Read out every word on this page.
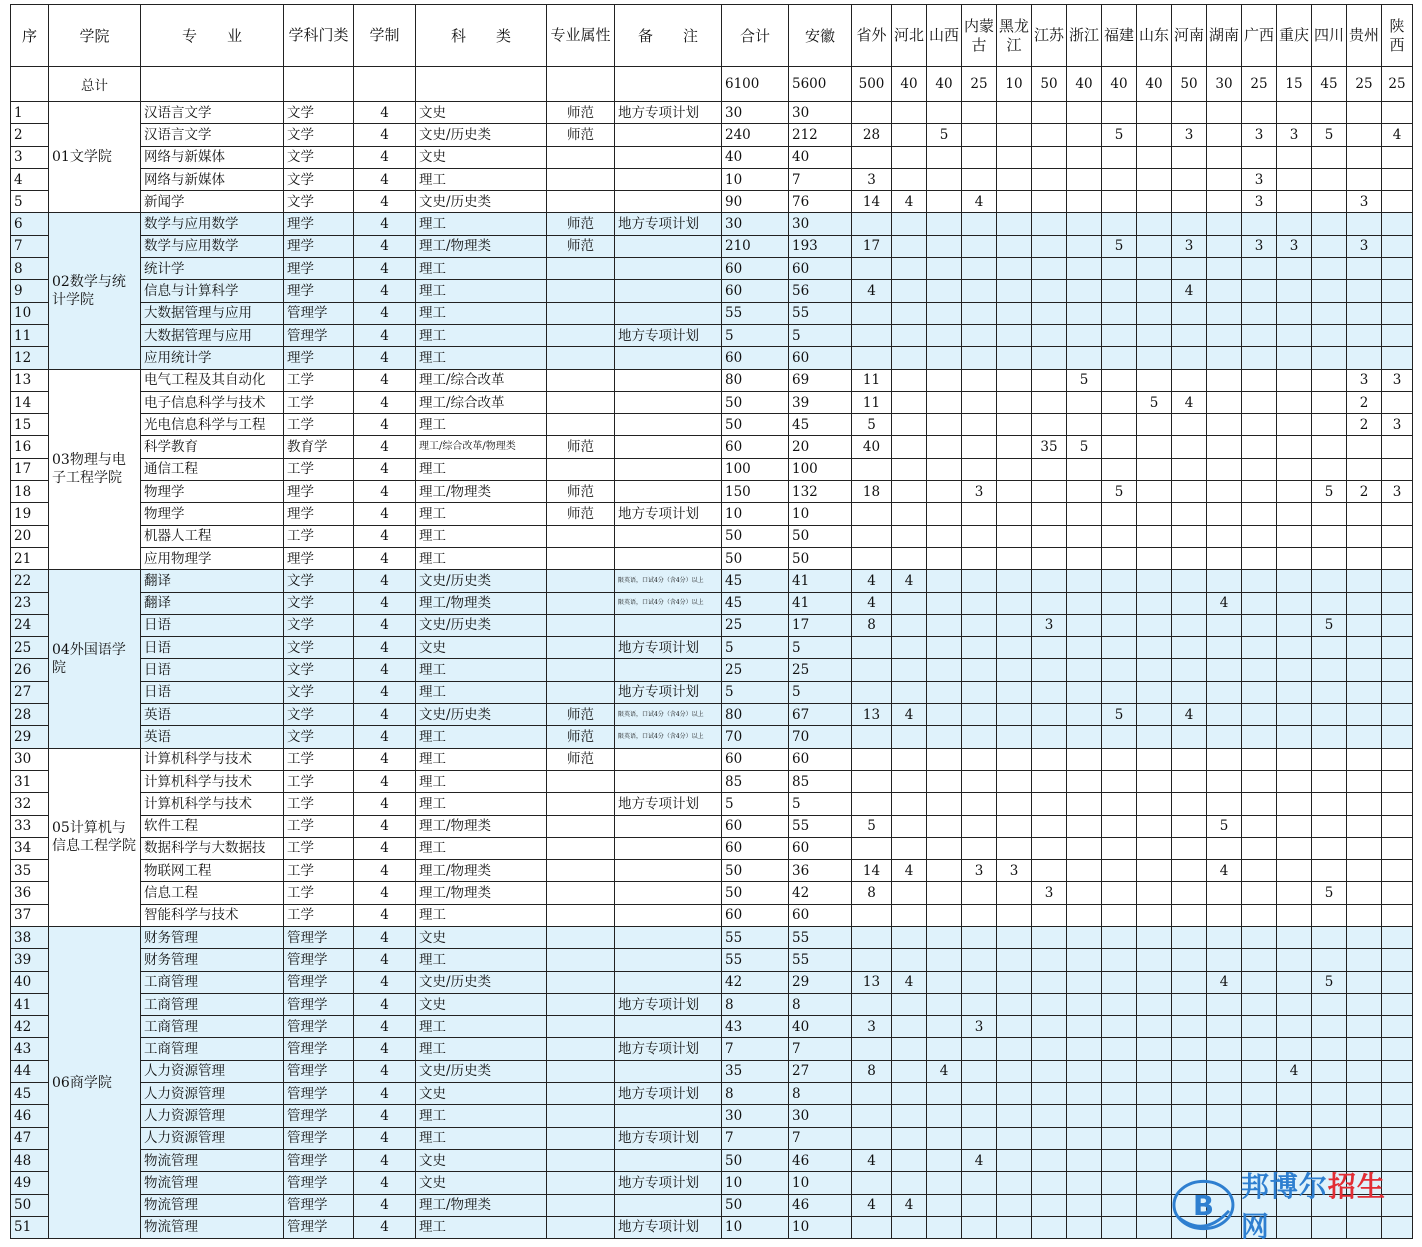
序	学院	专　　业	学科门类	学制	科　　类	专业属性	备　　注	合计	安徽	省外	河北	山西	内蒙古	黑龙江	江苏	浙江	福建	山东	河南	湖南	广西	重庆	四川	贵州	陕西
	总计							6100	5600	500	40	40	25	10	50	40	40	40	50	30	25	15	45	25	25
1	01文学院	汉语言文学	文学	4	文史	师范	地方专项计划	30	30																
2		汉语言文学	文学	4	文史/历史类	师范		240	212	28		5					5		3		3	3	5		4
3		网络与新媒体	文学	4	文史			40	40																
4		网络与新媒体	文学	4	理工			10	7	3											3				
5		新闻学	文学	4	文史/历史类			90	76	14	4		4								3			3	
6	02数学与统计学院	数学与应用数学	理学	4	理工	师范	地方专项计划	30	30																
7		数学与应用数学	理学	4	理工/物理类	师范		210	193	17							5		3		3	3		3	
8		统计学	理学	4	理工			60	60																
9		信息与计算科学	理学	4	理工			60	56	4									4						
10		大数据管理与应用	管理学	4	理工			55	55																
11		大数据管理与应用	管理学	4	理工		地方专项计划	5	5																
12		应用统计学	理学	4	理工			60	60																
13	03物理与电子工程学院	电气工程及其自动化	工学	4	理工/综合改革			80	69	11						5								3	3
14		电子信息科学与技术	工学	4	理工/综合改革			50	39	11								5	4					2	
15		光电信息科学与工程	工学	4	理工			50	45	5														2	3
16		科学教育	教育学	4	理工/综合改革/物理类	师范		60	20	40					35	5									
17		通信工程	工学	4	理工			100	100																
18		物理学	理学	4	理工/物理类	师范		150	132	18			3				5						5	2	3
19		物理学	理学	4	理工	师范	地方专项计划	10	10																
20		机器人工程	工学	4	理工			50	50																
21		应用物理学	理学	4	理工			50	50																
22	04外国语学院	翻译	文学	4	文史/历史类		限英语，口试4分（含4分）以上	45	41	4	4														
23		翻译	文学	4	理工/物理类		限英语，口试4分（含4分）以上	45	41	4										4					
24		日语	文学	4	文史/历史类			25	17	8					3								5		
25		日语	文学	4	文史		地方专项计划	5	5																
26		日语	文学	4	理工			25	25																
27		日语	文学	4	理工		地方专项计划	5	5																
28		英语	文学	4	文史/历史类	师范	限英语，口试4分（含4分）以上	80	67	13	4						5		4						
29		英语	文学	4	理工	师范	限英语，口试4分（含4分）以上	70	70																
30	05计算机与信息工程学院	计算机科学与技术	工学	4	理工	师范		60	60																
31		计算机科学与技术	工学	4	理工			85	85																
32		计算机科学与技术	工学	4	理工		地方专项计划	5	5																
33		软件工程	工学	4	理工/物理类			60	55	5										5					
34		数据科学与大数据技	工学	4	理工			60	60																
35		物联网工程	工学	4	理工/物理类			50	36	14	4		3	3						4					
36		信息工程	工学	4	理工/物理类			50	42	8					3								5		
37		智能科学与技术	工学	4	理工			60	60																
38	06商学院	财务管理	管理学	4	文史			55	55																
39		财务管理	管理学	4	理工			55	55																
40		工商管理	管理学	4	文史/历史类			42	29	13	4									4			5		
41		工商管理	管理学	4	文史		地方专项计划	8	8																
42		工商管理	管理学	4	理工			43	40	3			3												
43		工商管理	管理学	4	理工		地方专项计划	7	7																
44		人力资源管理	管理学	4	文史/历史类			35	27	8		4										4			
45		人力资源管理	管理学	4	文史		地方专项计划	8	8																
46		人力资源管理	管理学	4	理工			30	30																
47		人力资源管理	管理学	4	理工		地方专项计划	7	7																
48		物流管理	管理学	4	文史			50	46	4			4												
49		物流管理	管理学	4	文史		地方专项计划	10	10																
50		物流管理	管理学	4	理工/物理类			50	46	4	4														
51		物流管理	管理学	4	理工		地方专项计划	10	10																
B
邦博尔招生网
